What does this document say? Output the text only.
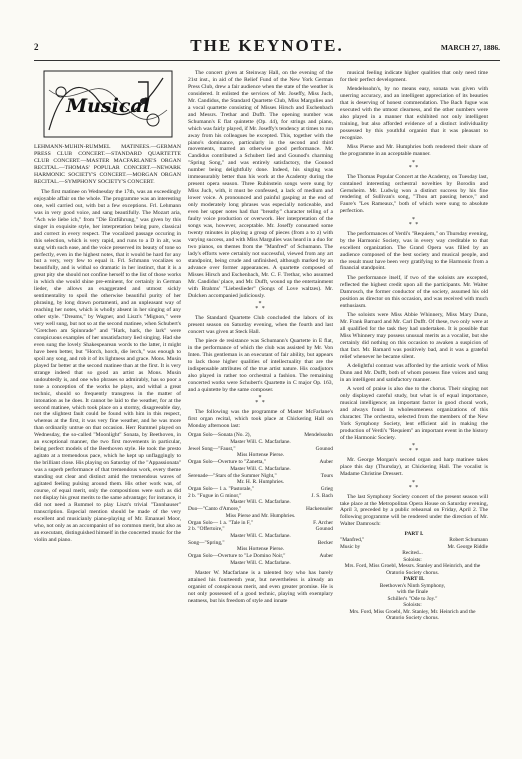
2	THE KEYNOTE.	MARCH 27, 1886.
Musical

LEHMANN-MUHIN-RUMMEL MATINEES.—GERMAN PRESS CLUB CONCERT.—STANDARD QUARTETTE CLUB CONCERT.—MASTER MACFARLANE'S ORGAN RECITAL.—THOMAS' POPULAR CONCERT.—NEWARK HARMONIC SOCIETY'S CONCERT.—MORGAN ORGAN RECITAL.—SYMPHONY SOCIETY'S CONCERT.

The first matinee on Wednesday the 17th, was an exceedingly enjoyable affair on the whole. The programme was an interesting one, well carried out, with but a few exceptions. Frl. Lehmann was in very good voice, and sang beautifully. The Mozart aria, "Ach wie liebe ich," from "Die Entführung," was given by this singer in exquisite style, her interpretation being pure, classical and correct in every respect. The vocalized passage occuring in this selection, which is very rapid, and runs to a D in alt, was sung with such ease, and the voice preserved its beauty of tone so perfectly, even in the highest notes, that it would be hard for any but a very, very few to equal it. Frl. Schmann vocalizes so beautifully, and is withal so dramatic in her instinct, that it is a great pity she should not confine herself to the list of those works in which she would shine pre-eminent, for certainly in German lieder, she allows an exaggerated and utmost sickly sentimentality to spoil the otherwise beautiful purity of her phrasing, by long drawn portamenti, and an unpleasant way of reaching her notes, which is wholly absent in her singing of any other style. "Dreams," by Wagner, and Liszt's "Mignon," were very well sung, but not so at the second matinee, when Schubert's "Gretchen am Spinnrade" and "Hark, hark, the lark" were conspicuous examples of her unsatisfactory lied singing. Had she even sung the lovely Shakespearean words to the latter, it might have been better, but "Horch, horch, die lerch," was enough to spoil any song, and rob it of its lightness and grace. Mons. Musin played far better at the second matinee than at the first. It is very strange indeed that so good an artist as Mons. Musin undoubtedly is, and one who phrases so admirably, has so poor a tone a conception of the works he plays, and withal a great technic, should so frequently transgress in the matter of intonation as he does. It cannot be laid to the weather, for at the second matinee, which took place on a stormy, disagreeable day, not the slightest fault could be found with him in this respect, whereas at the first, it was very fine weather, and he was more than ordinarily untrue on that occasion. Herr Rummel played on Wednesday, the so-called "Moonlight" Sonata, by Beethoven, in an exceptional manner, the two first movements in particular, being perfect models of the Beethoven style. He took the presto agitato at a tremendous pace, which he kept up unflaggingly to the brilliant close. His playing on Saturday of the "Appassionata" was a superb performance of that tremendous work, every theme standing out clear and distinct amid the tremendous waves of agitated feeling pulsing around them. His other work was, of course, of equal merit, only the compositions were such as did not display his great merits to the same advantage; for instance, it did not need a Rummel to play Liszt's trivial "Tannhauser" transcription. Especial mention should be made of the very excellent and musicianly piano-playing of Mr. Emanuel Moor, who, not only as an accompanist of no common merit, but also as an executant, distinguished himself in the concerted music for the violin and piano.

The concert given at Steinway Hall, on the evening of the 21st inst., in aid of the Relief Fund of the New York German Press Club, drew a fair audience when the state of the weather is considered. It enlisted the services of Mr. Joseffy, Miss Juch, Mr. Candidus, the Standard Quartette Club, Miss Margulies and a vocal quartette consisting of Misses Hirsch and Eschenbach and Messrs. Trethar and Dufft. The opening number was Schumann's E flat quintette (Op. 44), for strings and piano, which was fairly played, if Mr. Joseffy's tendency at times to run away from his colleagues be excepted. This, together with the piano's dominance, particularly in the second and third movements, marred an otherwise good performance. Mr. Candidus contributed a Schubert lied and Gounod's charming "Spring Song," and was entirely satisfactory, the Gounod number being delightfully done. Indeed, his singing was immeasurably better than his work at the Academy during the present opera season. Three Rubinstein songs were sung by Miss Juch, with, it must be confessed, a lack of medium and lower voice. A pronounced and painful gasping at the end of only moderately long phrases was especially noticeable, and even her upper notes had that "breathy" character telling of a faulty voice production or overwork. Her interpretation of the songs was, however, acceptable. Mr. Joseffy consumed some twenty minutes in playing a group of pieces (from a to z) with varying success, and with Miss Margulies was heard in a duo for two pianos, on themes from the "Manfred" of Schumann. The lady's efforts were certainly not successful, viewed from any art standpoint, being crude and unfinished, although marked by an advance over former appearances. A quartette composed of Misses Hirsch and Eschenbach, Mr. C. F. Trethar, who assumed Mr. Candidus' place, and Mr. Dufft, wound up the entertainment with Brahms' "Liebeslieder" (Songs of Love waltzes). Mr. Dulcken accompanied judiciously.

*
* *

The Standard Quartette Club concluded the labors of its present season on Saturday evening, when the fourth and last concert was given at Steck Hall.

The piece de resistance was Schumann's Quartette in E flat, in the performance of which the club was assisted by Mr. Von Inten. This gentleman is an executant of fair ability, but appears to lack those higher qualities of intellectuality that are the indispensable attributes of the true artist nature. His coadjutors also played in rather too orchestral a fashion. The remaining concerted works were Schubert's Quartette in C major Op. 163, and a quintette by the same composer.

*
* *

The following was the programme of Master McFarlane's first organ recital, which took place at Chickering Hall on Monday afternoon last:

Organ Solo—Sonata (No. 2),	Mendelssohn
Master Will. C. Macfarlane.
Jewel Song—"Faust,"	Gounod
Miss Hortense Pierse.
Organ Solo—Overture to "Zanetta,"	Auber
Master Will. C. Macfarlane.
Serenade—"Stars of the Summer Night,"	Tours
Mr. H. R. Humphries.
Organ Solo— 1 a. "Pastorale,"	Grieg
2 b. "Fugue in G minor,"	J. S. Bach
Master Will. C. Macfarlane.
Duo—"Canto d'Amore,"	Hackensoler
Miss Pierse and Mr. Humphries.
Organ Solo— 1 a. "Tale in F,"	F. Archer
2 b. "Offertoire,"	Gounod
Master Will. C. Macfarlane.
Song—"Spring,"	Becker
Miss Hortense Pierse.
Organ Solo—Overture to "Le Domino Noir,"	Auber
Master Will. C. Macfarlane.

Master W. Macfarlane is a talented boy who has barely attained his fourteenth year, but nevertheless is already an organist of conspicuous merit, and even greater promise. He is not only possessed of a good technic, playing with exemplary neatness, but his freedom of style and innate

musical feeling indicate higher qualities that only need time for their perfect development.

Mendelssohn's, by no means easy, sonata was given with unerring accuracy, and an intelligent appreciation of its beauties that is deserving of honest commendation. The Bach fugue was executed with the utmost clearness, and the other numbers were also played in a manner that exhibited not only intelligent training, but also afforded evidence of a distinct individuality possessed by this youthful organist that it was pleasant to recognize.

Miss Pierse and Mr. Humphries both rendered their share of the programme in an acceptable manner.

*
* *

The Thomas Popular Concert at the Academy, on Tuesday last, contained interesting orchestral novelties by Borodin and Gernsheim. Mr. Ludwig won a distinct success by his fine rendering of Sullivan's song, "Thou art passing hence," and Faure's "Les Rameaux," both of which were sung to absolute perfection.

*
* *

The performances of Verdi's "Requiem," on Thursday evening, by the Harmonic Society, was in every way creditable to that excellent organization. The Grand Opera was filled by an audience composed of the best society and musical people, and the result must have been very gratifying to the Harmonic from a financial standpoint.

The performance itself, if two of the soloists are excepted, reflected the highest credit upon all the participants. Mr. Walter Damrosch, the former conductor of the society, assumed his old position as director on this occasion, and was received with much enthusiasm.

The soloists were Miss Abbie Whinnery, Miss Mary Dunn, Mr. Frank Barnard and Mr. Carl Dufft. Of these, two only were at all qualified for the task they had undertaken. It is possible that Miss Whinnery may possess unusual merits as a vocalist, but she certainly did nothing on this occasion to awaken a suspicion of that fact. Mr. Barnard was positively bad, and it was a grateful relief whenever he became silent.

A delightful contrast was afforded by the artistic work of Miss Dunn and Mr. Dufft, both of whom possess fine voices and sang in an intelligent and satisfactory manner.

A word of praise is also due to the chorus. Their singing not only displayed careful study, but what is of equal importance, musical intelligence; an important factor in good choral work, and always found in wholesomeness organizations of this character. The orchestra, selected from the members of the New York Symphony Society, lent efficient aid in making the production of Verdi's "Requiem" an important event in the history of the Harmonic Society.

*
* *

Mr. George Morgan's second organ and harp matinee takes place this day (Thursday), at Chickering Hall. The vocalist is Madame Christine Dressert.

*
* *

The last Symphony Society concert of the present season will take place at the Metropolitan Opera House on Saturday evening, April 3, preceded by a public rehearsal on Friday, April 2. The following programme will be rendered under the direction of Mr. Walter Damrosch:

PART I.
"Manfred,"	Robert Schumann
Music by	Mr. George Riddle
Recited...
Soloists:
Mrs. Ford, Miss Groebl, Messrs. Stanley and Heinrich, and the Oratorio Society chorus.
PART II.
Beethoven's Ninth Symphony,
with the finale
Schiller's "Ode to Joy."
Soloists:
Mrs. Ford, Miss Groebl, Mr. Stanley, Mr. Heinrich and the Oratorio Society chorus.
